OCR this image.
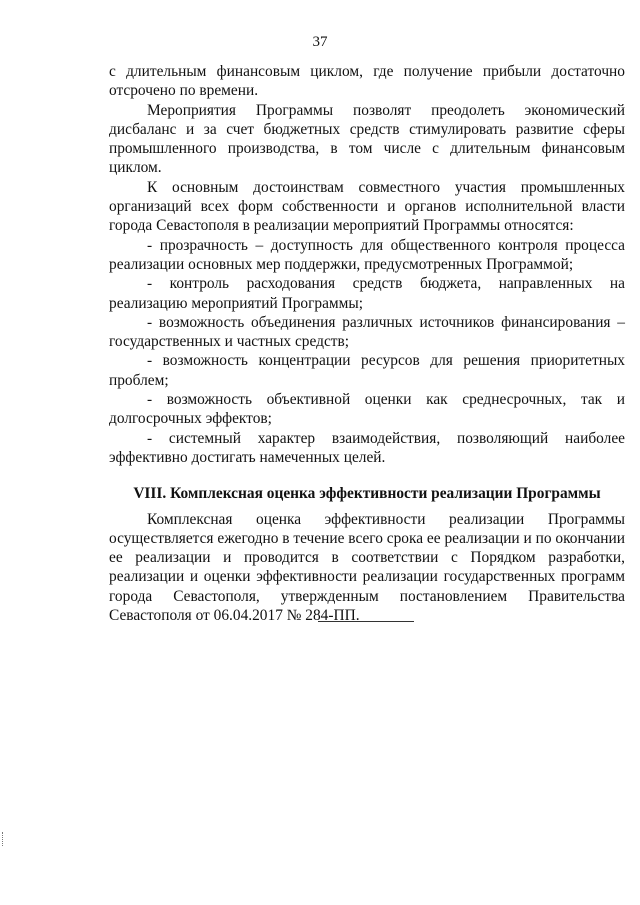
37

с длительным финансовым циклом, где получение прибыли достаточно отсрочено по времени.

Мероприятия Программы позволят преодолеть экономический дисбаланс и за счет бюджетных средств стимулировать развитие сферы промышленного производства, в том числе с длительным финансовым циклом.

К основным достоинствам совместного участия промышленных организаций всех форм собственности и органов исполнительной власти города Севастополя в реализации мероприятий Программы относятся:

- прозрачность – доступность для общественного контроля процесса реализации основных мер поддержки, предусмотренных Программой;

- контроль расходования средств бюджета, направленных на реализацию мероприятий Программы;

- возможность объединения различных источников финансирования – государственных и частных средств;

- возможность концентрации ресурсов для решения приоритетных проблем;

- возможность объективной оценки как среднесрочных, так и долгосрочных эффектов;

- системный характер взаимодействия, позволяющий наиболее эффективно достигать намеченных целей.

VIII. Комплексная оценка эффективности реализации Программы

Комплексная оценка эффективности реализации Программы осуществляется ежегодно в течение всего срока ее реализации и по окончании ее реализации и проводится в соответствии с Порядком разработки, реализации и оценки эффективности реализации государственных программ города Севастополя, утвержденным постановлением Правительства Севастополя от 06.04.2017 № 284-ПП.
